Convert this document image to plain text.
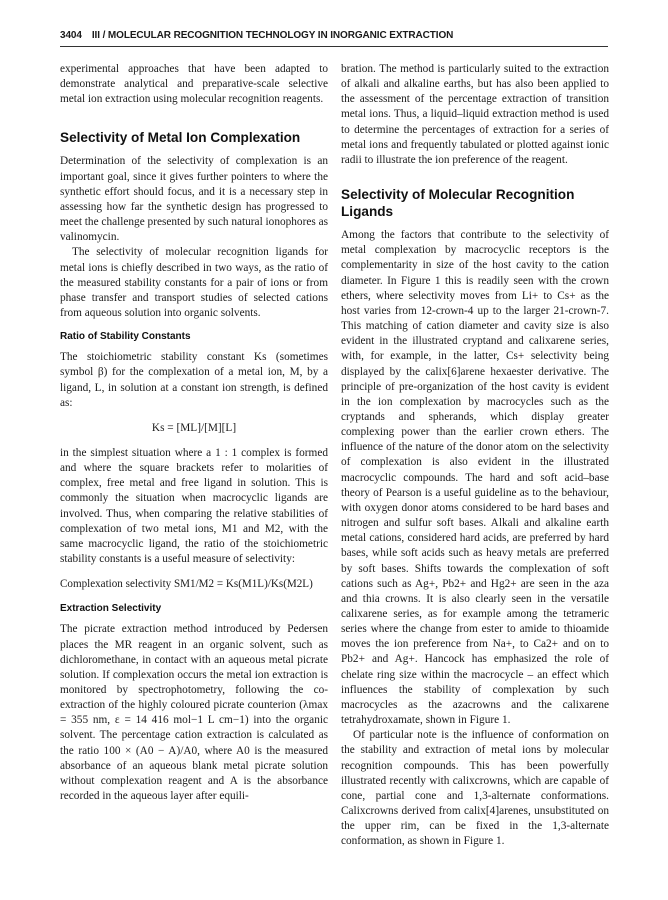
3404 III / MOLECULAR RECOGNITION TECHNOLOGY IN INORGANIC EXTRACTION

experimental approaches that have been adapted to demonstrate analytical and preparative-scale selective metal ion extraction using molecular recognition reagents.

Selectivity of Metal Ion Complexation

Determination of the selectivity of complexation is an important goal, since it gives further pointers to where the synthetic effort should focus, and it is a necessary step in assessing how far the synthetic design has progressed to meet the challenge presented by such natural ionophores as valinomycin.

The selectivity of molecular recognition ligands for metal ions is chiefly described in two ways, as the ratio of the measured stability constants for a pair of ions or from phase transfer and transport studies of selected cations from aqueous solution into organic solvents.

Ratio of Stability Constants

The stoichiometric stability constant Ks (sometimes symbol β) for the complexation of a metal ion, M, by a ligand, L, in solution at a constant ion strength, is defined as:

Ks = [ML]/[M][L]

in the simplest situation where a 1 : 1 complex is formed and where the square brackets refer to molarities of complex, free metal and free ligand in solution. This is commonly the situation when macrocyclic ligands are involved. Thus, when comparing the relative stabilities of complexation of two metal ions, M1 and M2, with the same macrocyclic ligand, the ratio of the stoichiometric stability constants is a useful measure of selectivity:

Complexation selectivity SM1/M2 = Ks(M1L)/Ks(M2L)

Extraction Selectivity

The picrate extraction method introduced by Pedersen places the MR reagent in an organic solvent, such as dichloromethane, in contact with an aqueous metal picrate solution. If complexation occurs the metal ion extraction is monitored by spectrophotometry, following the co-extraction of the highly coloured picrate counterion (λmax = 355 nm, ε = 14 416 mol−1 L cm−1) into the organic solvent. The percentage cation extraction is calculated as the ratio 100 × (A0 − A)/A0, where A0 is the measured absorbance of an aqueous blank metal picrate solution without complexation reagent and A is the absorbance recorded in the aqueous layer after equili-

bration. The method is particularly suited to the extraction of alkali and alkaline earths, but has also been applied to the assessment of the percentage extraction of transition metal ions. Thus, a liquid–liquid extraction method is used to determine the percentages of extraction for a series of metal ions and frequently tabulated or plotted against ionic radii to illustrate the ion preference of the reagent.

Selectivity of Molecular Recognition Ligands

Among the factors that contribute to the selectivity of metal complexation by macrocyclic receptors is the complementarity in size of the host cavity to the cation diameter. In Figure 1 this is readily seen with the crown ethers, where selectivity moves from Li+ to Cs+ as the host varies from 12-crown-4 up to the larger 21-crown-7. This matching of cation diameter and cavity size is also evident in the illustrated cryptand and calixarene series, with, for example, in the latter, Cs+ selectivity being displayed by the calix[6]arene hexaester derivative. The principle of pre-organization of the host cavity is evident in the ion complexation by macrocycles such as the cryptands and spherands, which display greater complexing power than the earlier crown ethers. The influence of the nature of the donor atom on the selectivity of complexation is also evident in the illustrated macrocyclic compounds. The hard and soft acid–base theory of Pearson is a useful guideline as to the behaviour, with oxygen donor atoms considered to be hard bases and nitrogen and sulfur soft bases. Alkali and alkaline earth metal cations, considered hard acids, are preferred by hard bases, while soft acids such as heavy metals are preferred by soft bases. Shifts towards the complexation of soft cations such as Ag+, Pb2+ and Hg2+ are seen in the aza and thia crowns. It is also clearly seen in the versatile calixarene series, as for example among the tetrameric series where the change from ester to amide to thioamide moves the ion preference from Na+, to Ca2+ and on to Pb2+ and Ag+. Hancock has emphasized the role of chelate ring size within the macrocycle – an effect which influences the stability of complexation by such macrocycles as the azacrowns and the calixarene tetrahydroxamate, shown in Figure 1.

Of particular note is the influence of conformation on the stability and extraction of metal ions by molecular recognition compounds. This has been powerfully illustrated recently with calixcrowns, which are capable of cone, partial cone and 1,3-alternate conformations. Calixcrowns derived from calix[4]arenes, unsubstituted on the upper rim, can be fixed in the 1,3-alternate conformation, as shown in Figure 1.
